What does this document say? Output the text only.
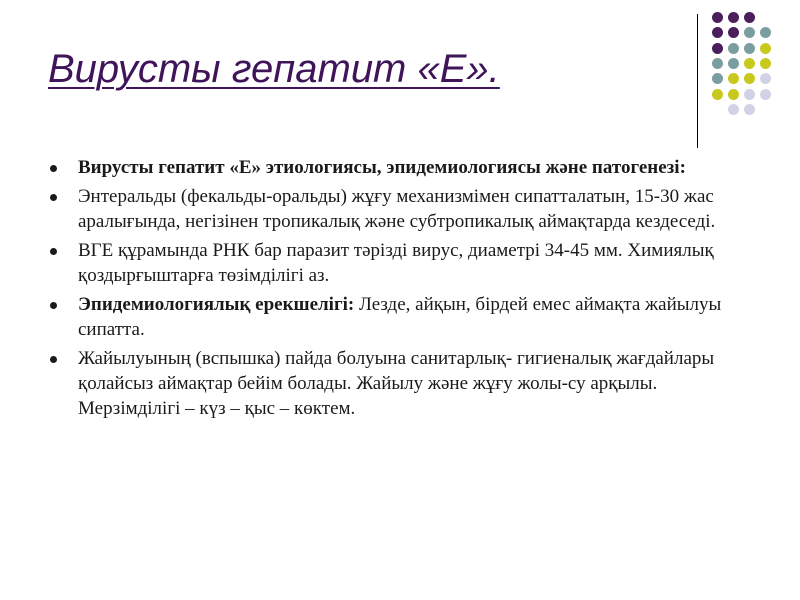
Вирусты гепатит «Е».
Вирусты гепатит «Е» этиологиясы, эпидемиологиясы және патогенезі:
Энтеральды (фекальды-оральды) жұғу механизмімен сипатталатын, 15-30 жас аралығында, негізінен тропикалық және субтропикалық аймақтарда кездеседі.
ВГЕ құрамында РНК бар паразит тәрізді вирус, диаметрі 34-45 мм. Химиялық қоздырғыштарға төзімділігі аз.
Эпидемиологиялық ерекшелігі: Лезде, айқын, бірдей емес аймақта жайылуы сипатта.
Жайылуының (вспышка) пайда болуына санитарлық- гигиеналық жағдайлары қолайсыз аймақтар бейім болады. Жайылу және жұғу жолы-су арқылы. Мерзімділігі – күз – қыс – көктем.
